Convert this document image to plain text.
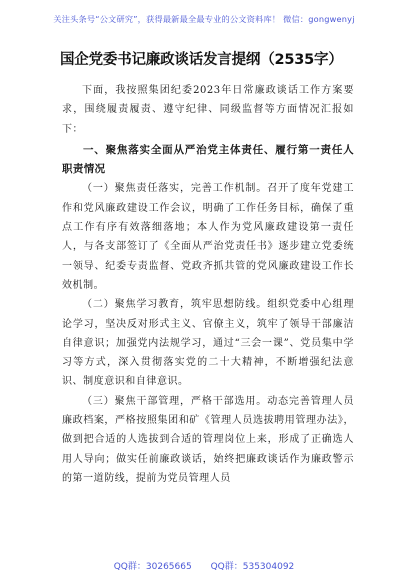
关注头条号“公文研究”，获得最新最全最专业的公文资料库！ 微信：gongwenyj
国企党委书记廉政谈话发言提纲（2535字）

下面，我按照集团纪委2023年日常廉政谈话工作方案要求，围绕履责履责、遵守纪律、同级监督等方面情况汇报如下：

一、聚焦落实全面从严治党主体责任、履行第一责任人职责情况

（一）聚焦责任落实，完善工作机制。召开了度年党建工作和党风廉政建设工作会议，明确了工作任务目标，确保了重点工作有序有效落细落地；本人作为党风廉政建设第一责任人，与各支部签订了《全面从严治党责任书》逐步建立党委统一领导、纪委专责监督、党政齐抓共管的党风廉政建设工作长效机制。

（二）聚焦学习教育，筑牢思想防线。组织党委中心组理论学习，坚决反对形式主义、官僚主义，筑牢了领导干部廉洁自律意识；加强党内法规学习，通过“三会一课”、党员集中学习等方式，深入贯彻落实党的二十大精神，不断增强纪法意识、制度意识和自律意识。

（三）聚焦干部管理，严格干部选用。动态完善管理人员廉政档案，严格按照集团和矿《管理人员选拔聘用管理办法》，做到把合适的人选拔到合适的管理岗位上来，形成了正确选人用人导向；做实任前廉政谈话，始终把廉政谈话作为廉政警示的第一道防线，提前为党员管理人员

QQ群：30265665 QQ群：535304092
